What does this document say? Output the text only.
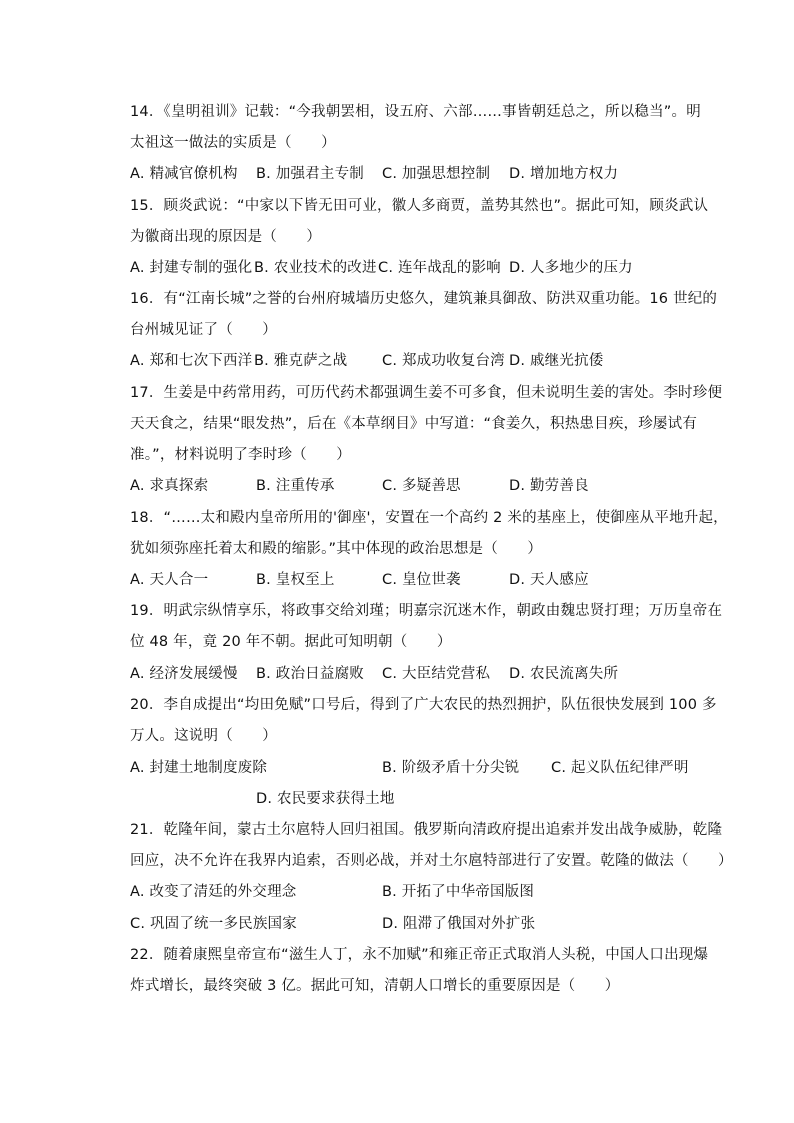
14．《皇明祖训》记载：“今我朝罢相，设五府、六部……事皆朝廷总之，所以稳当”。明
太祖这一做法的实质是（　　）
A. 精减官僚机构 B. 加强君主专制 C. 加强思想控制 D. 增加地方权力
15．顾炎武说：“中家以下皆无田可业，徽人多商贾，盖势其然也”。据此可知，顾炎武认
为徽商出现的原因是（　　）
A. 封建专制的强化 B. 农业技术的改进 C. 连年战乱的影响 D. 人多地少的压力
16．有“江南长城”之誉的台州府城墙历史悠久，建筑兼具御敌、防洪双重功能。16 世纪的
台州城见证了（　　）
A. 郑和七次下西洋 B. 雅克萨之战 C. 郑成功收复台湾 D. 戚继光抗倭
17．生姜是中药常用药，可历代药术都强调生姜不可多食，但未说明生姜的害处。李时珍便
天天食之，结果“眼发热”，后在《本草纲目》中写道：“食姜久，积热患目疾，珍屡试有
准。”，材料说明了李时珍（　　）
A. 求真探索	B. 注重传承	C. 多疑善思	D. 勤劳善良
18．“……太和殿内皇帝所用的'御座'，安置在一个高约 2 米的基座上，使御座从平地升起，
犹如须弥座托着太和殿的缩影。”其中体现的政治思想是（　　）
A. 天人合一	B. 皇权至上	C. 皇位世袭	D. 天人感应
19．明武宗纵情享乐，将政事交给刘瑾；明嘉宗沉迷木作，朝政由魏忠贤打理；万历皇帝在
位 48 年，竟 20 年不朝。据此可知明朝（　　）
A. 经济发展缓慢 B. 政治日益腐败 C. 大臣结党营私 D. 农民流离失所
20．李自成提出“均田免赋”口号后，得到了广大农民的热烈拥护，队伍很快发展到 100 多
万人。这说明（　　）
A. 封建土地制度废除	B. 阶级矛盾十分尖锐 C. 起义队伍纪律严明
D. 农民要求获得土地
21．乾隆年间，蒙古土尔扈特人回归祖国。俄罗斯向清政府提出追索并发出战争威胁，乾隆
回应，决不允许在我界内追索，否则必战，并对土尔扈特部进行了安置。乾隆的做法（　　）
A. 改变了清廷的外交理念	B. 开拓了中华帝国版图
C. 巩固了统一多民族国家	D. 阻滞了俄国对外扩张
22．随着康熙皇帝宣布“滋生人丁，永不加赋”和雍正帝正式取消人头税，中国人口出现爆
炸式增长，最终突破 3 亿。据此可知，清朝人口增长的重要原因是（　　）
